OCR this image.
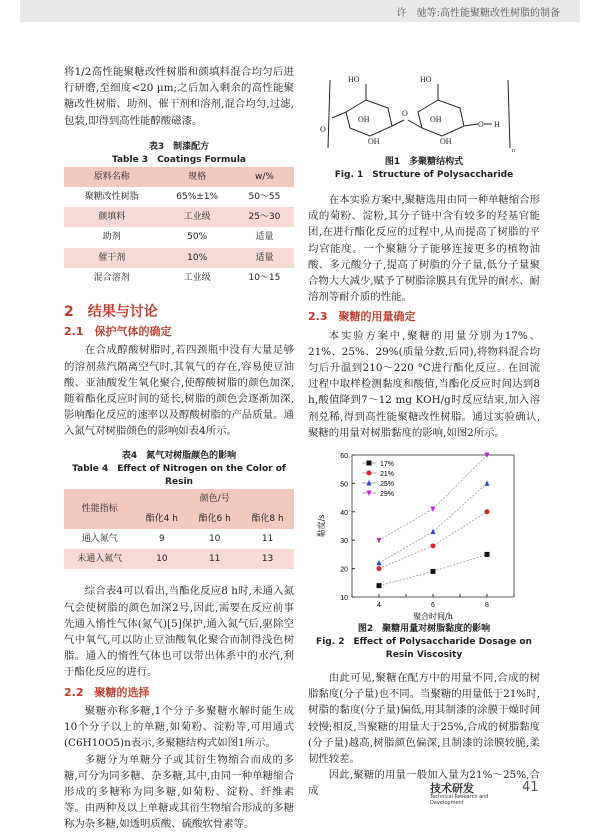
许　驰等:高性能聚糖改性树脂的制备

将1/2高性能聚糖改性树脂和颜填料混合均匀后进行研磨,至细度<20 μm;之后加入剩余的高性能聚糖改性树脂、助剂、催干剂和溶剂,混合均匀,过滤,包装,即得到高性能醇酸磁漆。

表3　制漆配方
Table 3　Coatings Formula
原料名称	规格	w/%
聚糖改性树脂	65%±1%	50～55
颜填料	工业级	25～30
助剂	50%	适量
催干剂	10%	适量
混合溶剂	工业级	10～15
2　结果与讨论
2.1　保护气体的确定

在合成醇酸树脂时,若四颈瓶中没有大量足够的溶剂蒸汽隔离空气时,其氧气的存在,容易使豆油酸、亚油酸发生氧化聚合,使醇酸树脂的颜色加深,随着酯化反应时间的延长,树脂的颜色会逐渐加深,影响酯化反应的速率以及醇酸树脂的产品质量。通入氮气对树脂颜色的影响如表4所示。

表4　氮气对树脂颜色的影响
Table 4　Effect of Nitrogen on the Color of Resin
性能指标	颜色/号		
	酯化4 h	酯化6 h	酯化8 h
通入氮气	9	10	11
未通入氮气	10	11	13

综合表4可以看出,当酯化反应8 h时,未通入氮气会使树脂的颜色加深2号,因此,需要在反应前事先通入惰性气体(氮气)[5]保护,通入氮气后,驱除空气中氧气,可以防止豆油酸氧化聚合而制得浅色树脂。通入的惰性气体也可以带出体系中的水汽,利于酯化反应的进行。

2.2　聚糖的选择

聚糖亦称多糖,1个分子多聚糖水解时能生成10个分子以上的单糖,如菊粉、淀粉等,可用通式(C6H10O5)n表示,多聚糖结构式如图1所示。

多糖分为单糖分子或其衍生物缩合而成的多糖,可分为同多糖、杂多糖,其中,由同一种单糖缩合形成的多糖称为同多糖,如菊粉、淀粉、纤维素等。由两种及以上单糖或其衍生物缩合形成的多糖称为杂多糖,如透明质酸、硫酸软骨素等。

HO	HO
OH	OH
OH	OH
O
O
O H
n
图1　多聚糖结构式
Fig. 1　Structure of Polysaccharide

在本实验方案中,聚糖选用由同一种单糖缩合形成的菊粉、淀粉,其分子链中含有较多的羟基官能团,在进行酯化反应的过程中,从而提高了树脂的平均官能度。一个聚糖分子能够连接更多的植物油酸、多元酸分子,提高了树脂的分子量,低分子量聚合物大大减少,赋予了树脂涂膜具有优异的耐水、耐溶剂等耐介质的性能。

2.3　聚糖的用量确定

本实验方案中,聚糖的用量分别为17%、21%、25%、29%(质量分数,后同),将物料混合均匀后升温到210～220 °C进行酯化反应。在回流过程中取样检测黏度和酸值,当酯化反应时间达到8 h,酸值降到7～12 mg KOH/g时反应结束,加入溶剂兑稀,得到高性能聚糖改性树脂。通过实验确认,聚糖的用量对树脂黏度的影响,如图2所示。

10
20
30
40
50
60
4	6	8
聚合时间/h
黏度/s
17%
21%
25%
29%
图2　聚糖用量对树脂黏度的影响
Fig. 2　Effect of Polysaccharide Dosage on Resin Viscosity

由此可见,聚糖在配方中的用量不同,合成的树脂黏度(分子量)也不同。当聚糖的用量低于21%时,树脂的黏度(分子量)偏低,用其制漆的涂膜干燥时间较慢;相反,当聚糖的用量大于25%,合成的树脂黏度(分子量)越高,树脂颜色偏深,且制漆的涂膜较脆,柔韧性较差。

因此,聚糖的用量一般加入量为21%～25%,合成	技术研发
Technical Research and Development
41
